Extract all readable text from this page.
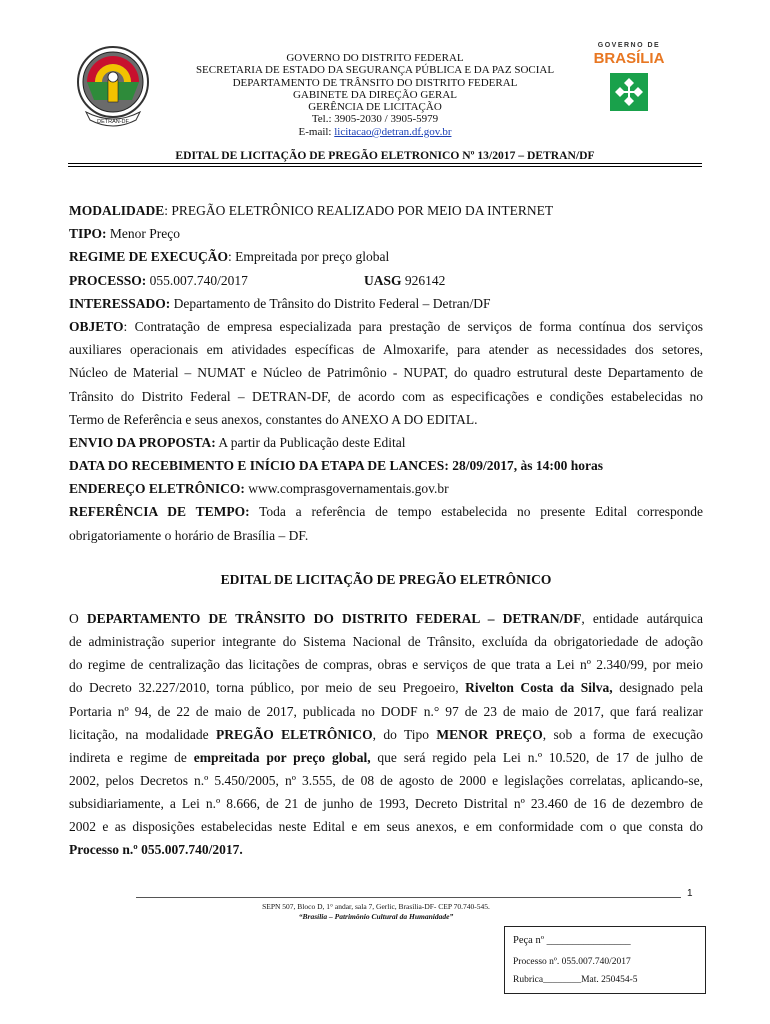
DETRAN-DF
GOVERNO DO DISTRITO FEDERAL
SECRETARIA DE ESTADO DA SEGURANÇA PÚBLICA E DA PAZ SOCIAL
DEPARTAMENTO DE TRÂNSITO DO DISTRITO FEDERAL
GABINETE DA DIREÇÃO GERAL
GERÊNCIA DE LICITAÇÃO
Tel.: 3905-2030 / 3905-5979
E-mail: licitacao@detran.df.gov.br
GOVERNO DE
BRASÍLIA
EDITAL DE LICITAÇÃO DE PREGÃO ELETRONICO Nº 13/2017 – DETRAN/DF
MODALIDADE: PREGÃO ELETRÔNICO REALIZADO POR MEIO DA INTERNET
TIPO: Menor Preço
REGIME DE EXECUÇÃO: Empreitada por preço global
PROCESSO: 055.007.740/2017	UASG 926142
INTERESSADO: Departamento de Trânsito do Distrito Federal – Detran/DF
OBJETO: Contratação de empresa especializada para prestação de serviços de forma contínua dos serviços
auxiliares operacionais em atividades específicas de Almoxarife, para atender as necessidades dos setores,
Núcleo de Material – NUMAT e Núcleo de Patrimônio - NUPAT, do quadro estrutural deste Departamento de
Trânsito do Distrito Federal – DETRAN-DF, de acordo com as especificações e condições estabelecidas no
Termo de Referência e seus anexos, constantes do ANEXO A DO EDITAL.
ENVIO DA PROPOSTA: A partir da Publicação deste Edital
DATA DO RECEBIMENTO E INÍCIO DA ETAPA DE LANCES: 28/09/2017, às 14:00 horas
ENDEREÇO ELETRÔNICO: www.comprasgovernamentais.gov.br
REFERÊNCIA DE TEMPO: Toda a referência de tempo estabelecida no presente Edital corresponde
obrigatoriamente o horário de Brasília – DF.
EDITAL DE LICITAÇÃO DE PREGÃO ELETRÔNICO
O DEPARTAMENTO DE TRÂNSITO DO DISTRITO FEDERAL – DETRAN/DF, entidade autárquica
de administração superior integrante do Sistema Nacional de Trânsito, excluída da obrigatoriedade de adoção
do regime de centralização das licitações de compras, obras e serviços de que trata a Lei nº 2.340/99, por meio
do Decreto 32.227/2010, torna público, por meio de seu Pregoeiro, Rivelton Costa da Silva, designado pela
Portaria nº 94, de 22 de maio de 2017, publicada no DODF n.° 97 de 23 de maio de 2017, que fará realizar
licitação, na modalidade PREGÃO ELETRÔNICO, do Tipo MENOR PREÇO, sob a forma de execução
indireta e regime de empreitada por preço global, que será regido pela Lei n.º 10.520, de 17 de julho de
2002, pelos Decretos n.º 5.450/2005, nº 3.555, de 08 de agosto de 2000 e legislações correlatas, aplicando-se,
subsidiariamente, a Lei n.º 8.666, de 21 de junho de 1993, Decreto Distrital nº 23.460 de 16 de dezembro de
2002 e as disposições estabelecidas neste Edital e em seus anexos, e em conformidade com o que consta do
Processo n.º 055.007.740/2017.
1
SEPN 507, Bloco D, 1° andar, sala 7, Gerlic, Brasília-DF- CEP 70.740-545.
“Brasília – Patrimônio Cultural da Humanidade”
Peça nº ________________
Processo nº. 055.007.740/2017
Rubrica________Mat. 250454-5
